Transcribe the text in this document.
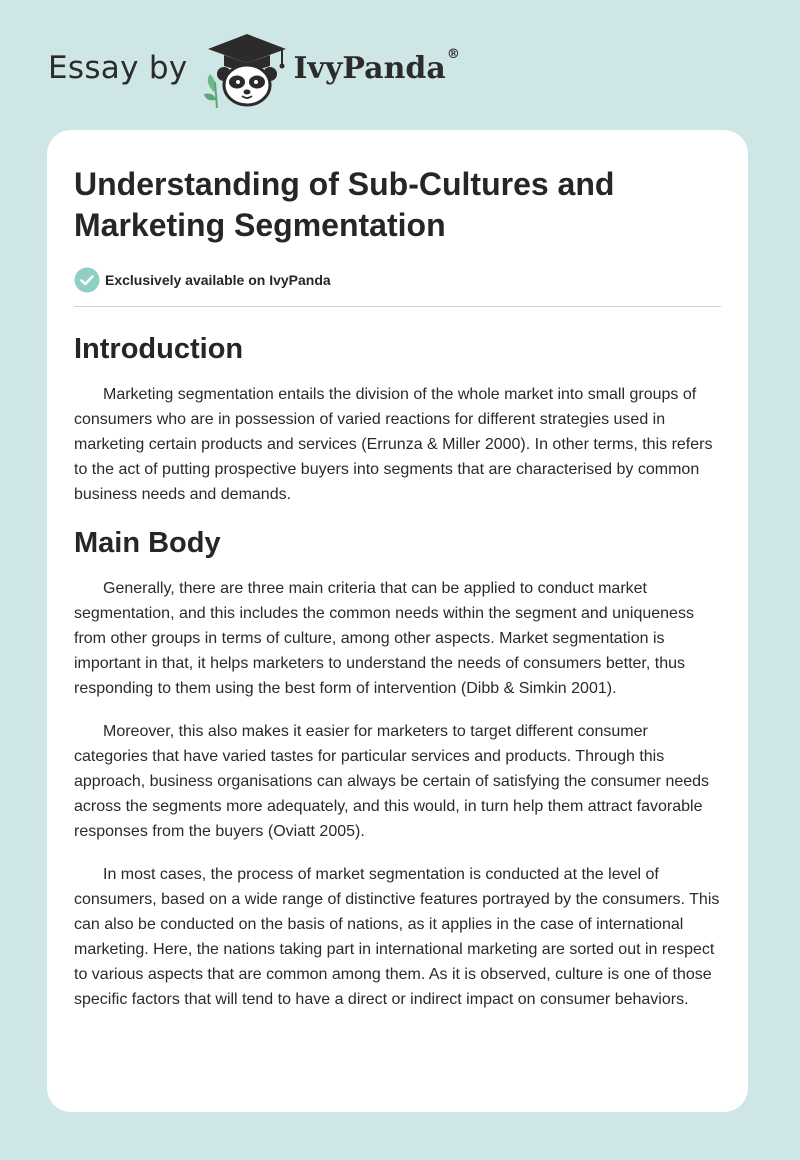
Essay by	IvyPanda®
Understanding of Sub-Cultures and Marketing Segmentation
Exclusively available on IvyPanda
Introduction

Marketing segmentation entails the division of the whole market into small groups of consumers who are in possession of varied reactions for different strategies used in marketing certain products and services (Errunza & Miller 2000). In other terms, this refers to the act of putting prospective buyers into segments that are characterised by common business needs and demands.

Main Body

Generally, there are three main criteria that can be applied to conduct market segmentation, and this includes the common needs within the segment and uniqueness from other groups in terms of culture, among other aspects. Market segmentation is important in that, it helps marketers to understand the needs of consumers better, thus responding to them using the best form of intervention (Dibb & Simkin 2001).

Moreover, this also makes it easier for marketers to target different consumer categories that have varied tastes for particular services and products. Through this approach, business organisations can always be certain of satisfying the consumer needs across the segments more adequately, and this would, in turn help them attract favorable responses from the buyers (Oviatt 2005).

In most cases, the process of market segmentation is conducted at the level of consumers, based on a wide range of distinctive features portrayed by the consumers. This can also be conducted on the basis of nations, as it applies in the case of international marketing. Here, the nations taking part in international marketing are sorted out in respect to various aspects that are common among them. As it is observed, culture is one of those specific factors that will tend to have a direct or indirect impact on consumer behaviors.
